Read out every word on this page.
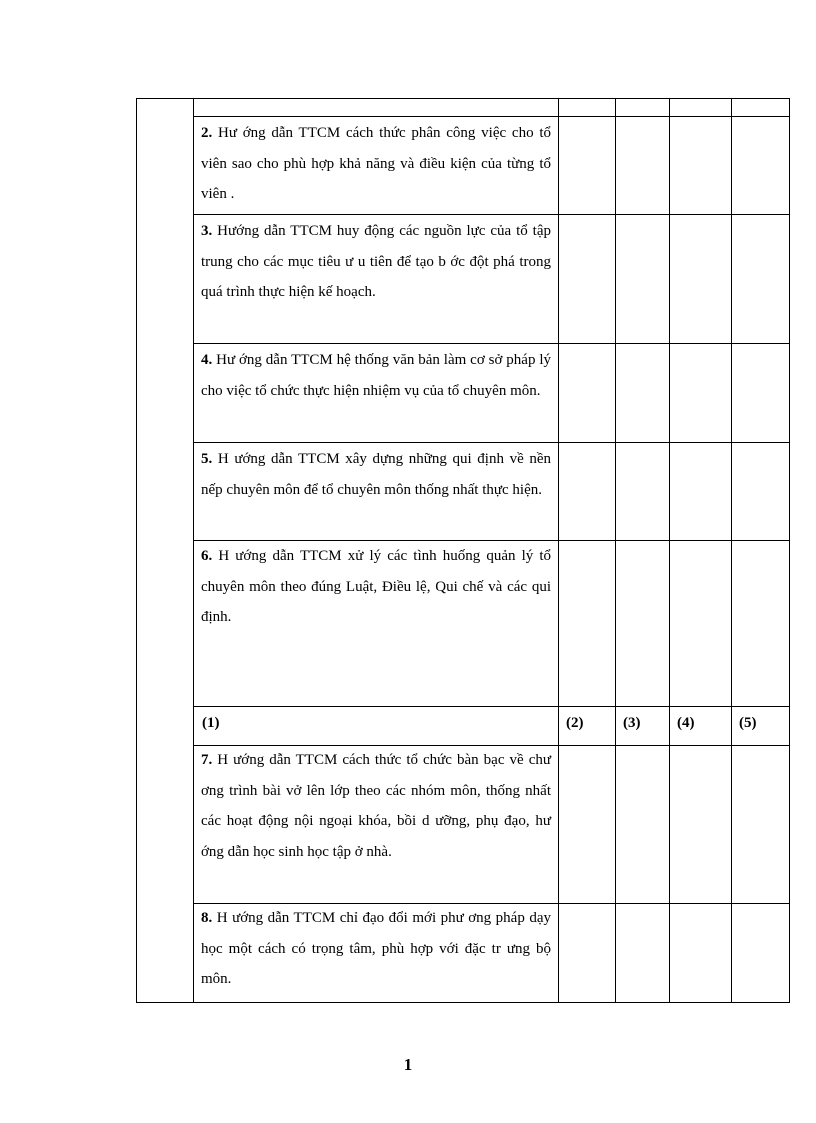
2. Hư ớng dẫn TTCM cách thức phân công việc cho tổ viên sao cho phù hợp khả năng và điều kiện của từng tổ viên .
3. Hướng dẫn TTCM huy động các nguồn lực của tổ tập trung cho các mục tiêu ư u tiên để tạo b ớc đột phá trong quá trình thực hiện kế hoạch.
4. Hư ớng dẫn TTCM hệ thống văn bản làm cơ sở pháp lý cho việc tổ chức thực hiện nhiệm vụ của tổ chuyên môn.
5. H ướng dẫn TTCM xây dựng những qui định về nền nếp chuyên môn để tổ chuyên môn thống nhất thực hiện.
6. H ướng dẫn TTCM xử lý các tình huống quản lý tổ chuyên môn theo đúng Luật, Điều lệ, Qui chế và các qui định.
(1)	(2)	(3) (4)	(5)
7. H ướng dẫn TTCM cách thức tổ chức bàn bạc về chư ơng trình bài vở lên lớp theo các nhóm môn, thống nhất các hoạt động nội ngoại khóa, bồi d ưỡng, phụ đạo, hư ớng dẫn học sinh học tập ở nhà.
8. H ướng dẫn TTCM chỉ đạo đổi mới phư ơng pháp dạy học một cách có trọng tâm, phù hợp với đặc tr ưng bộ môn.
1
